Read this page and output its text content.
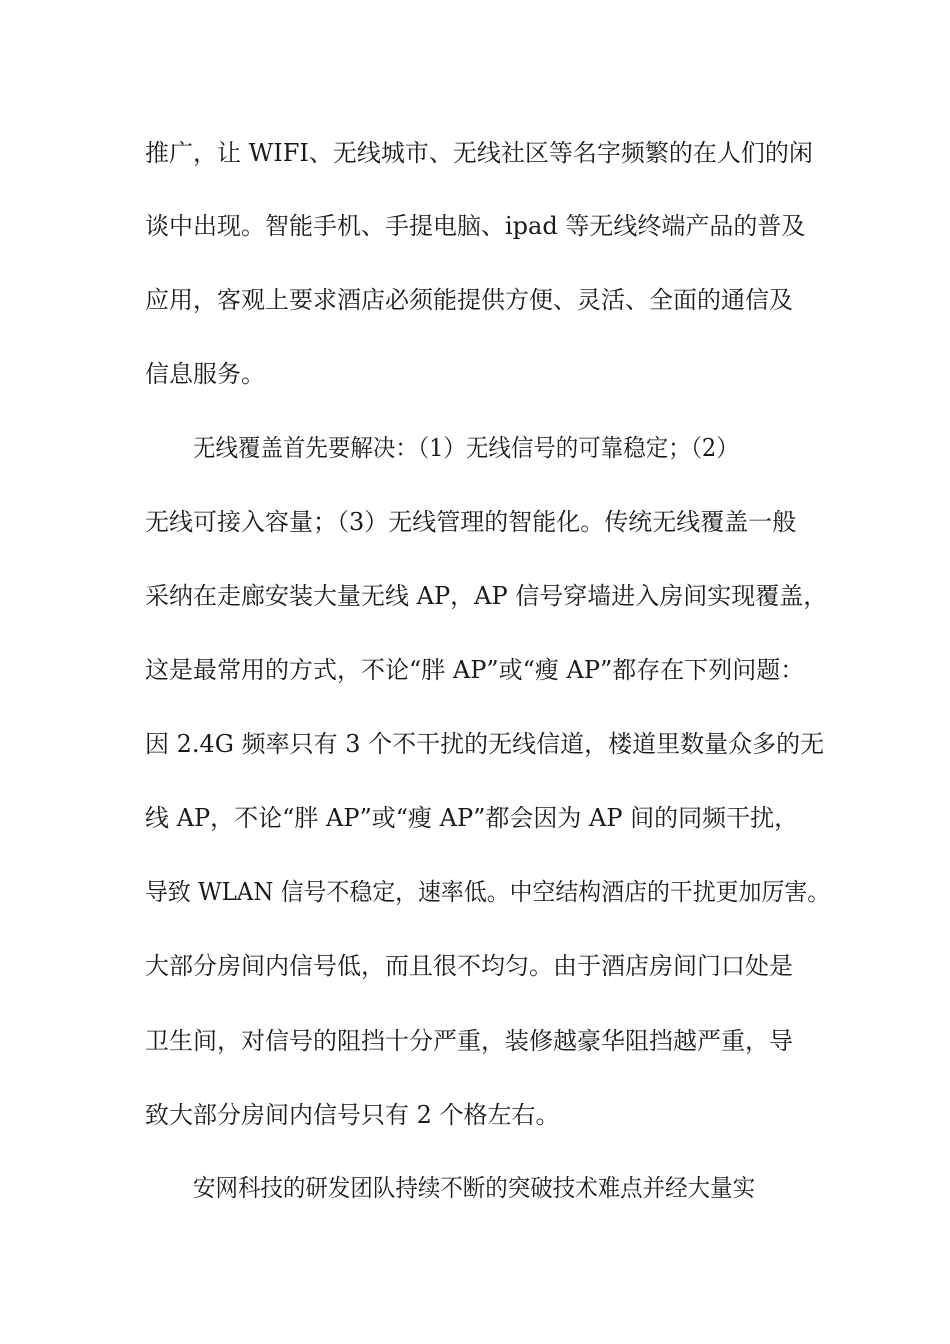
推广，让 WIFI、无线城市、无线社区等名字频繁的在人们的闲
谈中出现。智能手机、手提电脑、ipad 等无线终端产品的普及
应用，客观上要求酒店必须能提供方便、灵活、全面的通信及
信息服务。
无线覆盖首先要解决：（1）无线信号的可靠稳定；（2）
无线可接入容量；（3）无线管理的智能化。传统无线覆盖一般
采纳在走廊安装大量无线 AP，AP 信号穿墙进入房间实现覆盖，
这是最常用的方式，不论“胖 AP”或“瘦 AP”都存在下列问题：
因 2.4G 频率只有 3 个不干扰的无线信道，楼道里数量众多的无
线 AP，不论“胖 AP”或“瘦 AP”都会因为 AP 间的同频干扰，
导致 WLAN 信号不稳定，速率低。中空结构酒店的干扰更加厉害。
大部分房间内信号低，而且很不均匀。由于酒店房间门口处是
卫生间，对信号的阻挡十分严重，装修越豪华阻挡越严重，导
致大部分房间内信号只有 2 个格左右。
安网科技的研发团队持续不断的突破技术难点并经大量实
